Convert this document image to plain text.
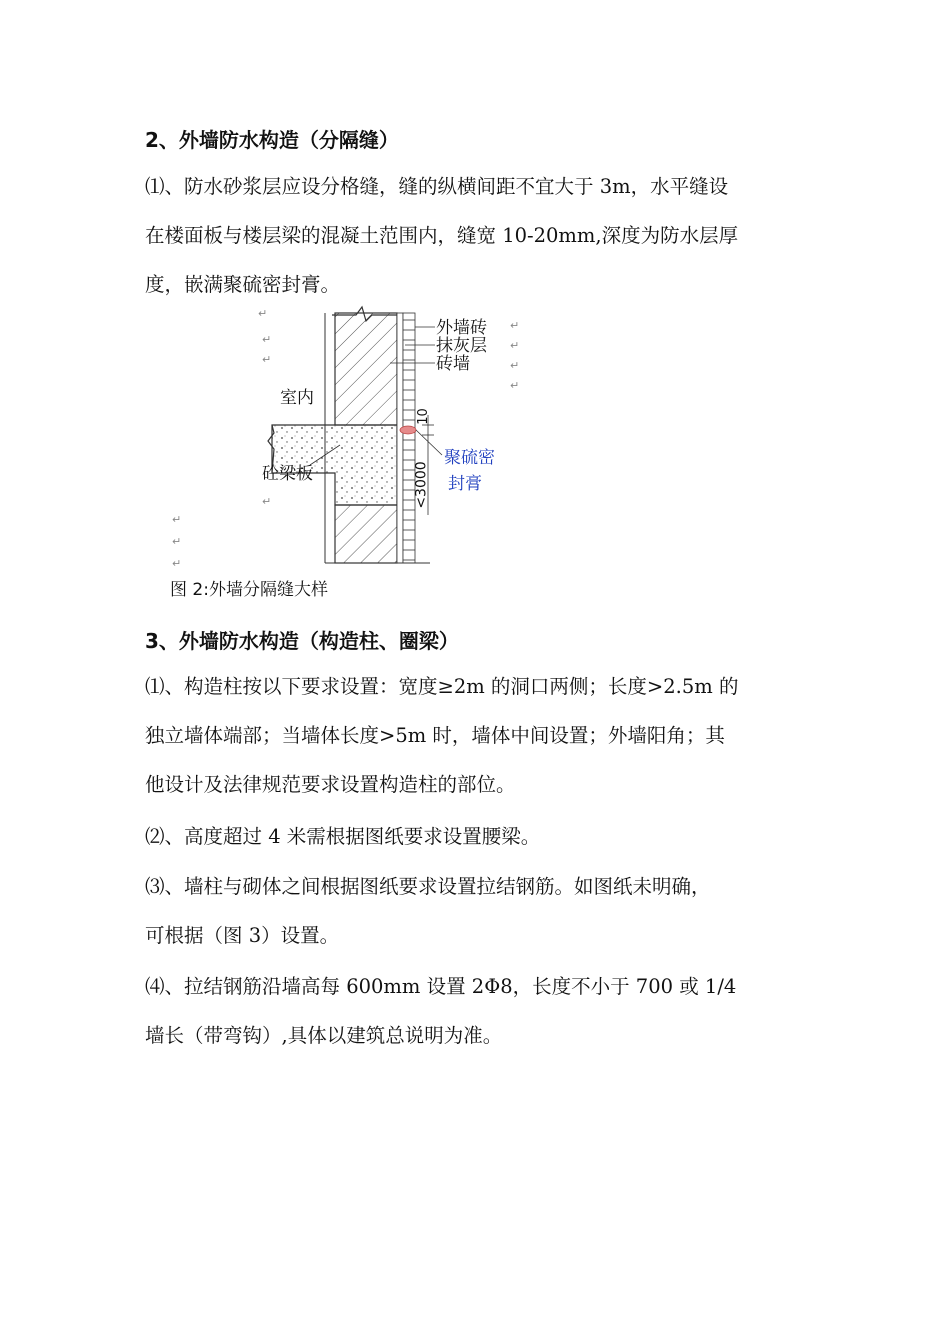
2、外墙防水构造（分隔缝）
⑴、防水砂浆层应设分格缝，缝的纵横间距不宜大于 3m，水平缝设
在楼面板与楼层梁的混凝土范围内，缝宽 10-20mm,深度为防水层厚
度，嵌满聚硫密封膏。
外墙砖
抹灰层
砖墙
室内
砼梁板
聚硫密
封膏
10
<3000
↵
↵
↵
↵
↵
↵
↵
↵
↵
↵
↵
图 2:外墙分隔缝大样
3、外墙防水构造（构造柱、圈梁）
⑴、构造柱按以下要求设置：宽度≥2m 的洞口两侧；长度>2.5m 的
独立墙体端部；当墙体长度>5m 时，墙体中间设置；外墙阳角；其
他设计及法律规范要求设置构造柱的部位。
⑵、高度超过 4 米需根据图纸要求设置腰梁。
⑶、墙柱与砌体之间根据图纸要求设置拉结钢筋。如图纸未明确，
可根据（图 3）设置。
⑷、拉结钢筋沿墙高每 600mm 设置 2Φ8，长度不小于 700 或 1/4
墙长（带弯钩）,具体以建筑总说明为准。
